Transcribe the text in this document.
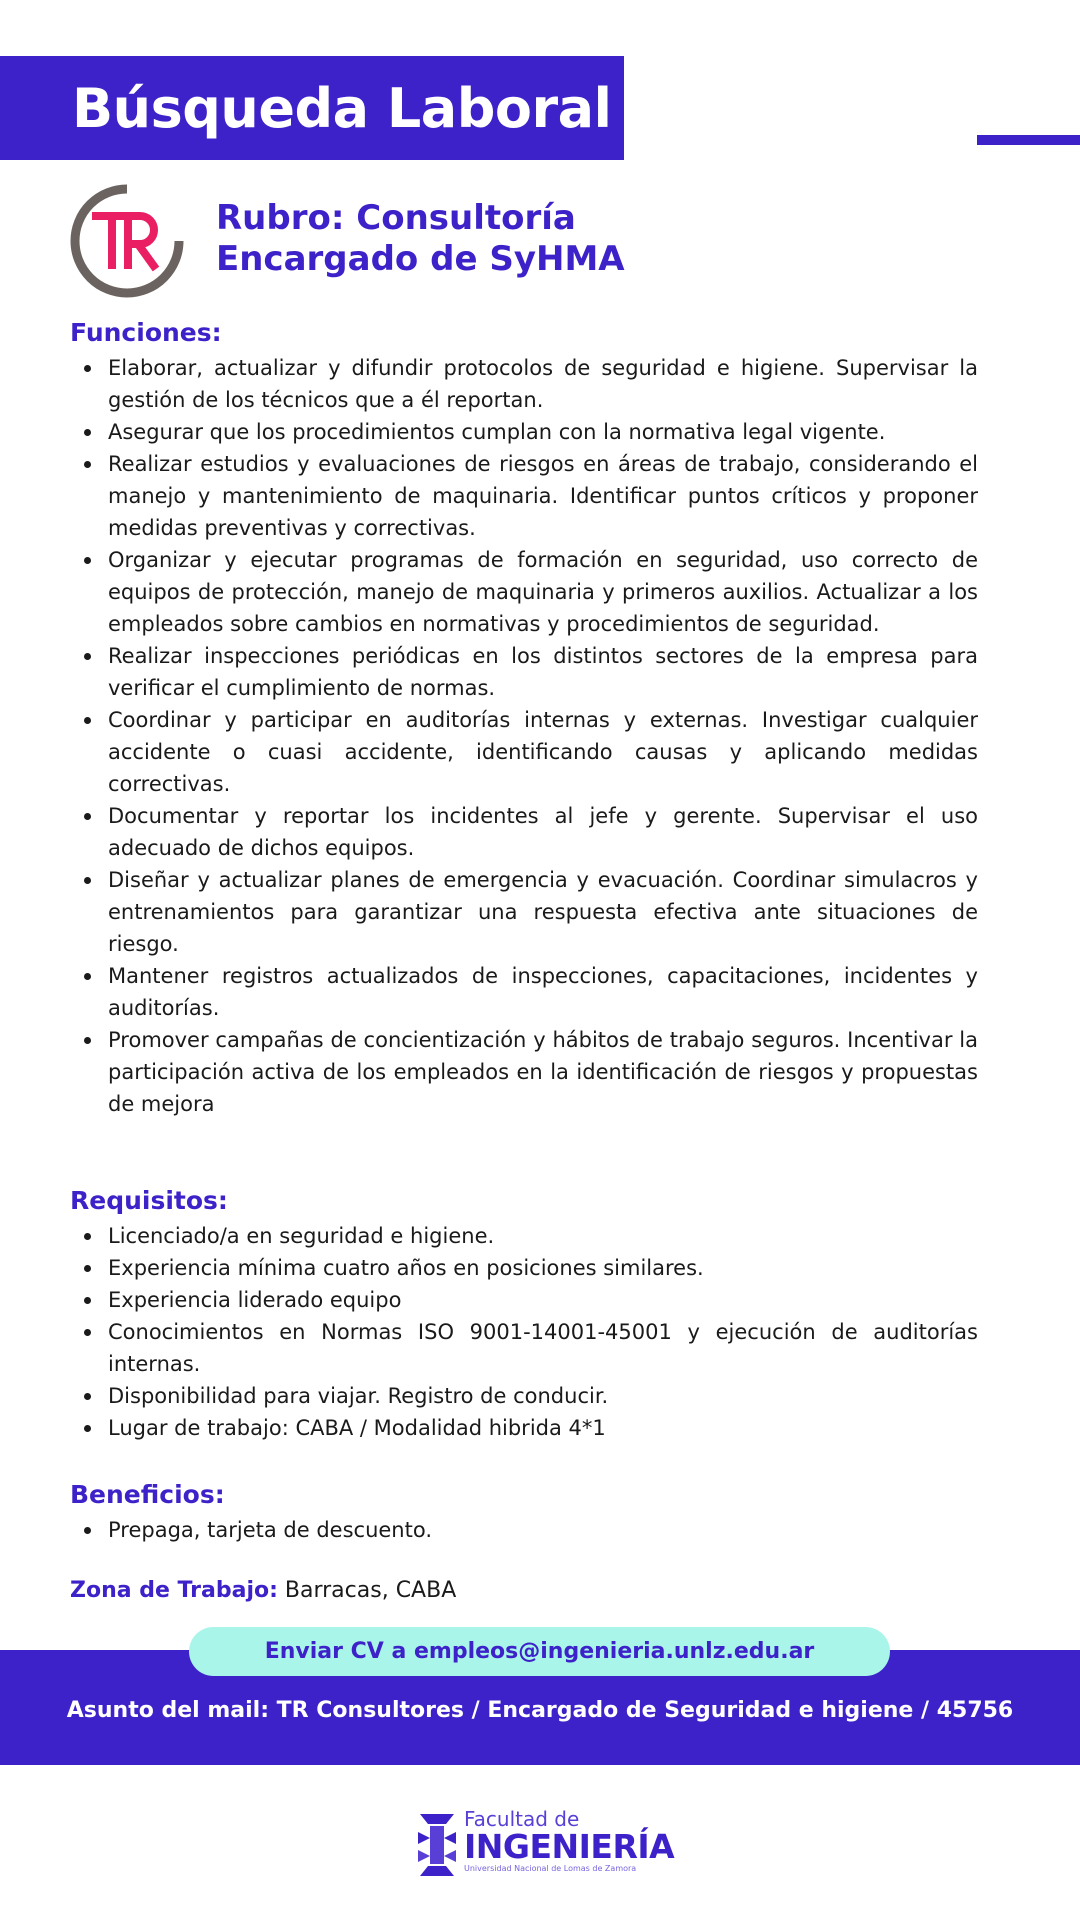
Búsqueda Laboral
Rubro: Consultoría
Encargado de SyHMA
Funciones:
Elaborar, actualizar y difundir protocolos de seguridad e higiene. Supervisar la gestión de los técnicos que a él reportan.
Asegurar que los procedimientos cumplan con la normativa legal vigente.
Realizar estudios y evaluaciones de riesgos en áreas de trabajo, considerando el manejo y mantenimiento de maquinaria. Identificar puntos críticos y proponer medidas preventivas y correctivas.
Organizar y ejecutar programas de formación en seguridad, uso correcto de equipos de protección, manejo de maquinaria y primeros auxilios. Actualizar a los empleados sobre cambios en normativas y procedimientos de seguridad.
Realizar inspecciones periódicas en los distintos sectores de la empresa para verificar el cumplimiento de normas.
Coordinar y participar en auditorías internas y externas. Investigar cualquier accidente o cuasi accidente, identificando causas y aplicando medidas correctivas.
Documentar y reportar los incidentes al jefe y gerente. Supervisar el uso adecuado de dichos equipos.
Diseñar y actualizar planes de emergencia y evacuación. Coordinar simulacros y entrenamientos para garantizar una respuesta efectiva ante situaciones de riesgo.
Mantener registros actualizados de inspecciones, capacitaciones, incidentes y auditorías.
Promover campañas de concientización y hábitos de trabajo seguros. Incentivar la participación activa de los empleados en la identificación de riesgos y propuestas de mejora
Requisitos:
Licenciado/a en seguridad e higiene.
Experiencia mínima cuatro años en posiciones similares.
Experiencia liderado equipo
Conocimientos en Normas ISO 9001-14001-45001 y ejecución de auditorías internas.
Disponibilidad para viajar. Registro de conducir.
Lugar de trabajo: CABA / Modalidad hibrida 4*1
Beneficios:
Prepaga, tarjeta de descuento.
Zona de Trabajo: Barracas, CABA
Enviar CV a empleos@ingenieria.unlz.edu.ar
Asunto del mail: TR Consultores / Encargado de Seguridad e higiene / 45756
Facultad de
INGENIERÍA
Universidad Nacional de Lomas de Zamora
